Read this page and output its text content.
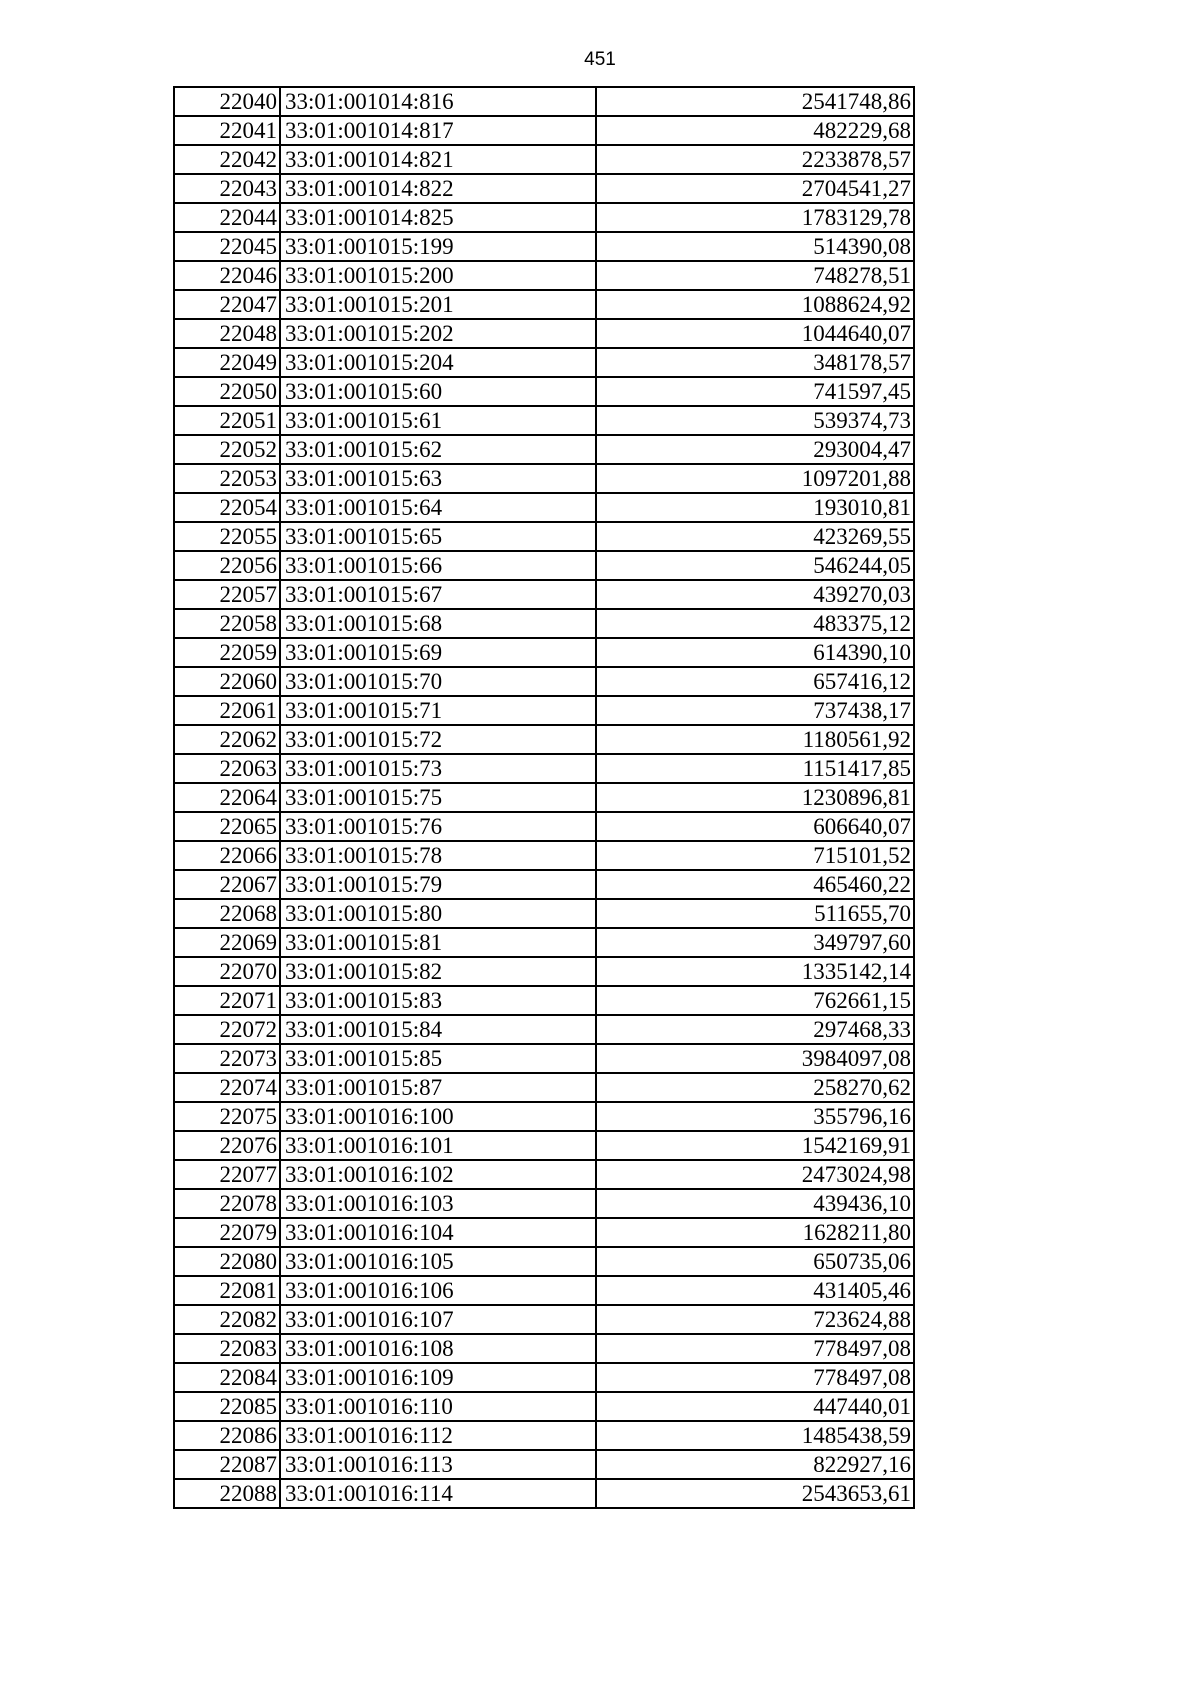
451
22040	33:01:001014:816	2541748,86
22041	33:01:001014:817	482229,68
22042	33:01:001014:821	2233878,57
22043	33:01:001014:822	2704541,27
22044	33:01:001014:825	1783129,78
22045	33:01:001015:199	514390,08
22046	33:01:001015:200	748278,51
22047	33:01:001015:201	1088624,92
22048	33:01:001015:202	1044640,07
22049	33:01:001015:204	348178,57
22050	33:01:001015:60	741597,45
22051	33:01:001015:61	539374,73
22052	33:01:001015:62	293004,47
22053	33:01:001015:63	1097201,88
22054	33:01:001015:64	193010,81
22055	33:01:001015:65	423269,55
22056	33:01:001015:66	546244,05
22057	33:01:001015:67	439270,03
22058	33:01:001015:68	483375,12
22059	33:01:001015:69	614390,10
22060	33:01:001015:70	657416,12
22061	33:01:001015:71	737438,17
22062	33:01:001015:72	1180561,92
22063	33:01:001015:73	1151417,85
22064	33:01:001015:75	1230896,81
22065	33:01:001015:76	606640,07
22066	33:01:001015:78	715101,52
22067	33:01:001015:79	465460,22
22068	33:01:001015:80	511655,70
22069	33:01:001015:81	349797,60
22070	33:01:001015:82	1335142,14
22071	33:01:001015:83	762661,15
22072	33:01:001015:84	297468,33
22073	33:01:001015:85	3984097,08
22074	33:01:001015:87	258270,62
22075	33:01:001016:100	355796,16
22076	33:01:001016:101	1542169,91
22077	33:01:001016:102	2473024,98
22078	33:01:001016:103	439436,10
22079	33:01:001016:104	1628211,80
22080	33:01:001016:105	650735,06
22081	33:01:001016:106	431405,46
22082	33:01:001016:107	723624,88
22083	33:01:001016:108	778497,08
22084	33:01:001016:109	778497,08
22085	33:01:001016:110	447440,01
22086	33:01:001016:112	1485438,59
22087	33:01:001016:113	822927,16
22088	33:01:001016:114	2543653,61
